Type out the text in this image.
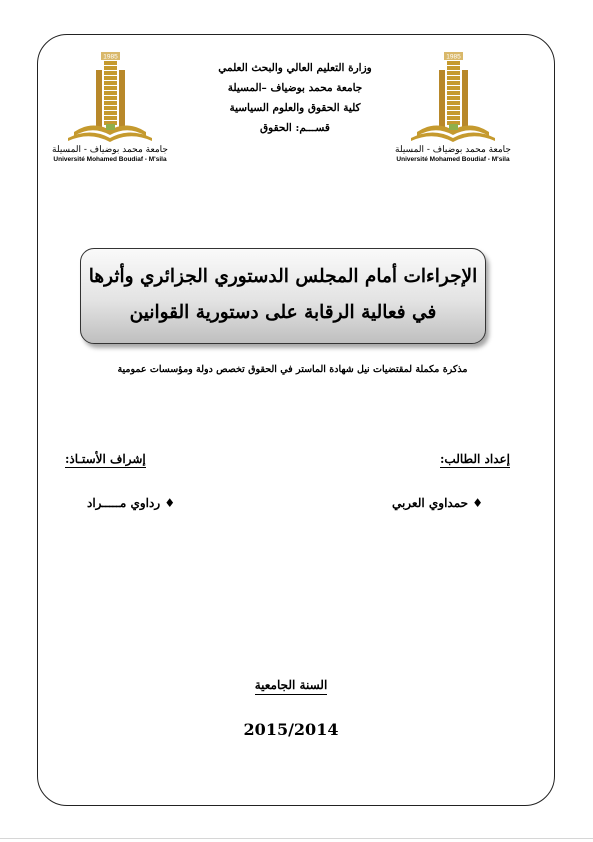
1985
جامعة محمد بوضياف - المسيلة
Université Mohamed Boudiaf - M'sila
1985
جامعة محمد بوضياف - المسيلة
Université Mohamed Boudiaf - M'sila
وزارة التعليم العالي والبحث العلمي
جامعة محمد بوضياف –المسيلة
كلية الحقوق والعلوم السياسية
قســـم: الحقوق
الإجراءات أمام المجلس الدستوري الجزائري وأثرها
في فعالية الرقابة على دستورية القوانين
مذكرة مكملة لمقتضيات نيل شهادة الماستر في الحقوق تخصص دولة ومؤسسات عمومية
إعداد الطالب:
♦ حمداوي العربي
إشراف الأستـاذ:
♦ رداوي مـــــراد
السنة الجامعية
2015/2014
